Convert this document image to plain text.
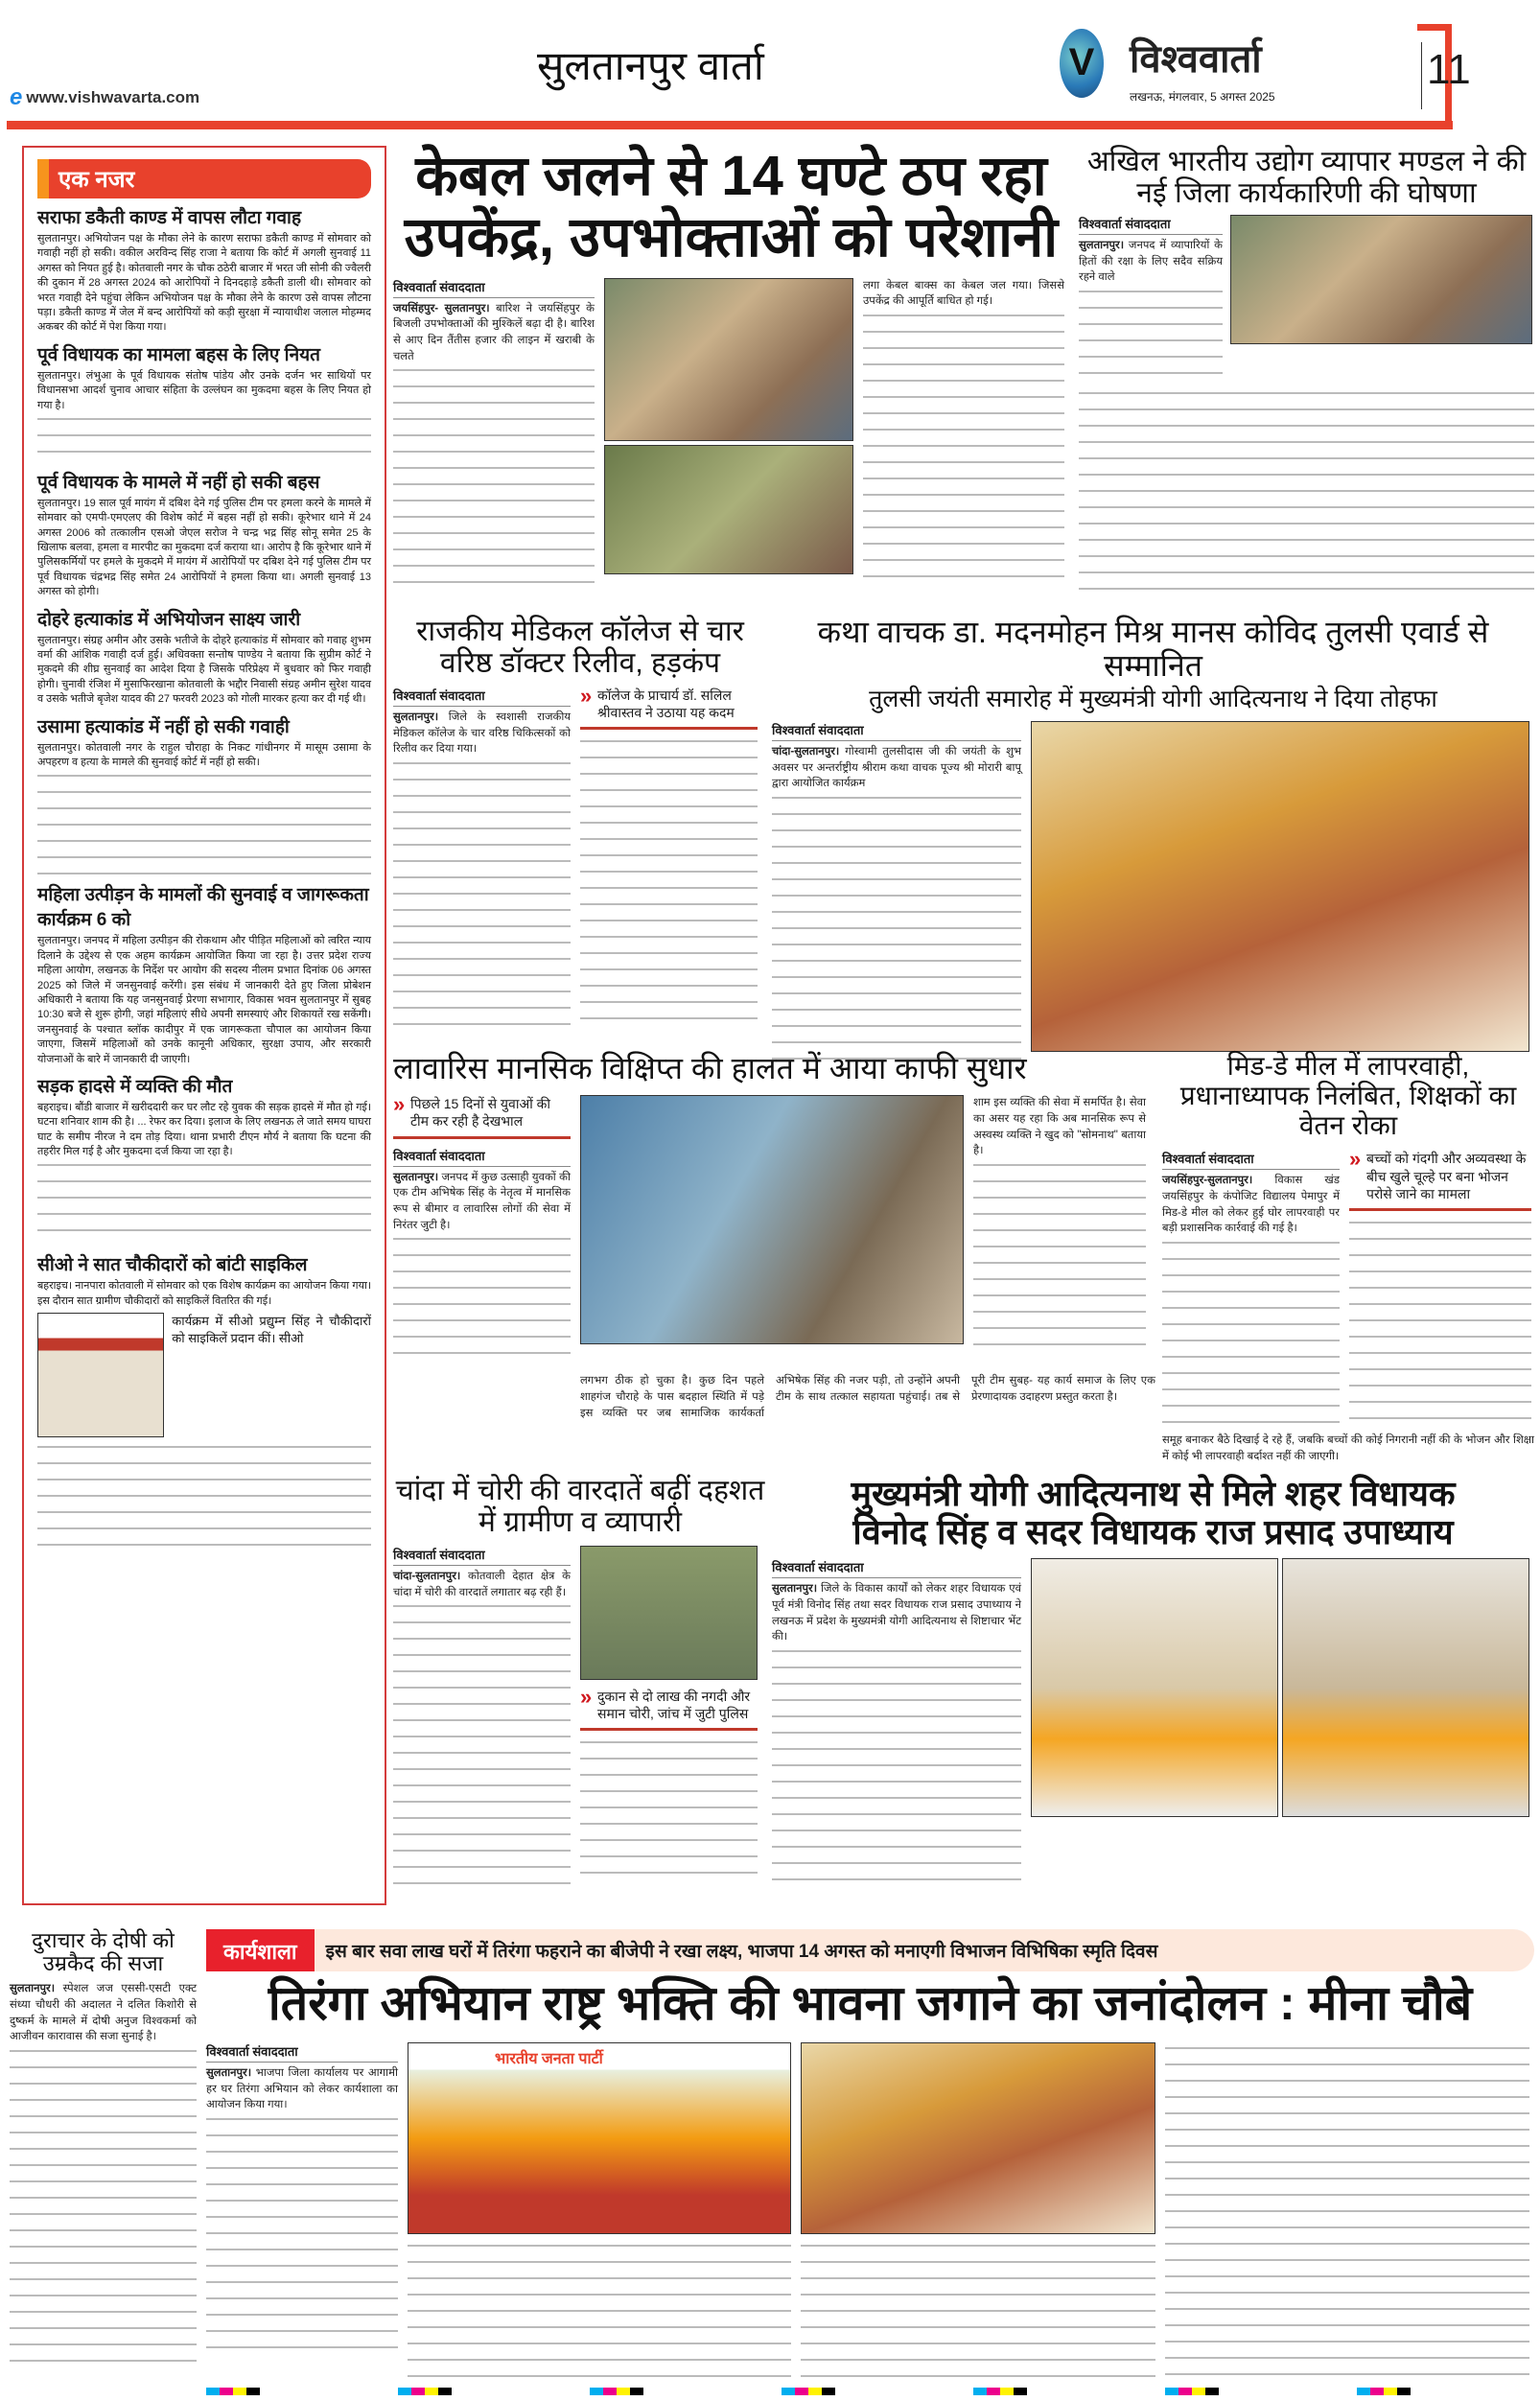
e www.vishwavarta.com
सुलतानपुर वार्ता	V विश्ववार्ता
लखनऊ, मंगलवार, 5 अगस्त 2025
11
एक नजर
सराफा डकैती काण्ड में वापस लौटा गवाह
सुलतानपुर। अभियोजन पक्ष के मौका लेने के कारण सराफा डकैती काण्ड में सोमवार को गवाही नहीं हो सकी। वकील अरविन्द सिंह राजा ने बताया कि कोर्ट में अगली सुनवाई 11 अगस्त को नियत हुई है। कोतवाली नगर के चौक ठठेरी बाजार में भरत जी सोनी की ज्वैलरी की दुकान में 28 अगस्त 2024 को आरोपियों ने दिनदहाड़े डकैती डाली थी। सोमवार को भरत गवाही देने पहुंचा लेकिन अभियोजन पक्ष के मौका लेने के कारण उसे वापस लौटना पड़ा। डकैती काण्ड में जेल में बन्द आरोपियों को कड़ी सुरक्षा में न्यायाधीश जलाल मोहम्मद अकबर की कोर्ट में पेश किया गया।
पूर्व विधायक का मामला बहस के लिए नियत
सुलतानपुर। लंभुआ के पूर्व विधायक संतोष पांडेय और उनके दर्जन भर साथियों पर विधानसभा आदर्श चुनाव आचार संहिता के उल्लंघन का मुकदमा बहस के लिए नियत हो गया है।
पूर्व विधायक के मामले में नहीं हो सकी बहस
सुलतानपुर। 19 साल पूर्व मायंग में दबिश देने गई पुलिस टीम पर हमला करने के मामले में सोमवार को एमपी-एमएलए की विशेष कोर्ट में बहस नहीं हो सकी। कूरेभार थाने में 24 अगस्त 2006 को तत्कालीन एसओ जेएल सरोज ने चन्द्र भद्र सिंह सोनू समेत 25 के खिलाफ बलवा, हमला व मारपीट का मुकदमा दर्ज कराया था। आरोप है कि कूरेभार थाने में पुलिसकर्मियों पर हमले के मुकदमे में मायंग में आरोपियों पर दबिश देने गई पुलिस टीम पर पूर्व विधायक चंद्रभद्र सिंह समेत 24 आरोपियों ने हमला किया था। अगली सुनवाई 13 अगस्त को होगी।
दोहरे हत्याकांड में अभियोजन साक्ष्य जारी
सुलतानपुर। संग्रह अमीन और उसके भतीजे के दोहरे हत्याकांड में सोमवार को गवाह शुभम वर्मा की आंशिक गवाही दर्ज हुई। अधिवक्ता सन्तोष पाण्डेय ने बताया कि सुप्रीम कोर्ट ने मुकदमे की शीघ्र सुनवाई का आदेश दिया है जिसके परिप्रेक्ष्य में बुधवार को फिर गवाही होगी। चुनावी रंजिश में मुसाफिरखाना कोतवाली के भद्दौर निवासी संग्रह अमीन सुरेश यादव व उसके भतीजे बृजेश यादव की 27 फरवरी 2023 को गोली मारकर हत्या कर दी गई थी।
उसामा हत्याकांड में नहीं हो सकी गवाही
सुलतानपुर। कोतवाली नगर के राहुल चौराहा के निकट गांधीनगर में मासूम उसामा के अपहरण व हत्या के मामले की सुनवाई कोर्ट में नहीं हो सकी।
महिला उत्पीड़न के मामलों की सुनवाई व जागरूकता कार्यक्रम 6 को
सुलतानपुर। जनपद में महिला उत्पीड़न की रोकथाम और पीड़ित महिलाओं को त्वरित न्याय दिलाने के उद्देश्य से एक अहम कार्यक्रम आयोजित किया जा रहा है। उत्तर प्रदेश राज्य महिला आयोग, लखनऊ के निर्देश पर आयोग की सदस्य नीलम प्रभात दिनांक 06 अगस्त 2025 को जिले में जनसुनवाई करेंगी। इस संबंध में जानकारी देते हुए जिला प्रोबेशन अधिकारी ने बताया कि यह जनसुनवाई प्रेरणा सभागार, विकास भवन सुलतानपुर में सुबह 10:30 बजे से शुरू होगी, जहां महिलाएं सीधे अपनी समस्याएं और शिकायतें रख सकेंगी। जनसुनवाई के पश्चात ब्लॉक कादीपुर में एक जागरूकता चौपाल का आयोजन किया जाएगा, जिसमें महिलाओं को उनके कानूनी अधिकार, सुरक्षा उपाय, और सरकारी योजनाओं के बारे में जानकारी दी जाएगी।
सड़क हादसे में व्यक्ति की मौत
बहराइच। बौंडी बाजार में खरीददारी कर घर लौट रहे युवक की सड़क हादसे में मौत हो गई। घटना शनिवार शाम की है। ... रेफर कर दिया। इलाज के लिए लखनऊ ले जाते समय घाघरा घाट के समीप नीरज ने दम तोड़ दिया। थाना प्रभारी टीएन मौर्य ने बताया कि घटना की तहरीर मिल गई है और मुकदमा दर्ज किया जा रहा है।
सीओ ने सात चौकीदारों को बांटी साइकिल
बहराइच। नानपारा कोतवाली में सोमवार को एक विशेष कार्यक्रम का आयोजन किया गया। इस दौरान सात ग्रामीण चौकीदारों को साइकिलें वितरित की गई।
कार्यक्रम में सीओ प्रद्युम्न सिंह ने चौकीदारों को साइकिलें प्रदान कीं। सीओ
केबल जलने से 14 घण्टे ठप रहा
उपकेंद्र, उपभोक्ताओं को परेशानी
विश्ववार्ता संवाददाता
जयसिंहपुर- सुलतानपुर। बारिश ने जयसिंहपुर के बिजली उपभोक्ताओं की मुश्किलें बढ़ा दी है। बारिश से आए दिन तैंतीस हजार की लाइन में खराबी के चलते
लगा केबल बाक्स का केबल जल गया। जिससे उपकेंद्र की आपूर्ति बाधित हो गई।
अखिल भारतीय उद्योग व्यापार मण्डल ने की नई जिला कार्यकारिणी की घोषणा
विश्ववार्ता संवाददाता
सुलतानपुर। जनपद में व्यापारियों के हितों की रक्षा के लिए सदैव सक्रिय रहने वाले
राजकीय मेडिकल कॉलेज से चार वरिष्ठ डॉक्टर रिलीव, हड़कंप
विश्ववार्ता संवाददाता
सुलतानपुर। जिले के स्वशासी राजकीय मेडिकल कॉलेज के चार वरिष्ठ चिकित्सकों को रिलीव कर दिया गया।
» कॉलेज के प्राचार्य डॉ. सलिल श्रीवास्तव ने उठाया यह कदम
कथा वाचक डा. मदनमोहन मिश्र मानस कोविद तुलसी एवार्ड से सम्मानित
तुलसी जयंती समारोह में मुख्यमंत्री योगी आदित्यनाथ ने दिया तोहफा
विश्ववार्ता संवाददाता
चांदा-सुलतानपुर। गोस्वामी तुलसीदास जी की जयंती के शुभ अवसर पर अन्तर्राष्ट्रीय श्रीराम कथा वाचक पूज्य श्री मोरारी बापू द्वारा आयोजित कार्यक्रम
लावारिस मानसिक विक्षिप्त की हालत में आया काफी सुधार
» पिछले 15 दिनों से युवाओं की टीम कर रही है देखभाल
विश्ववार्ता संवाददाता
सुलतानपुर। जनपद में कुछ उत्साही युवकों की एक टीम अभिषेक सिंह के नेतृत्व में मानसिक रूप से बीमार व लावारिस लोगों की सेवा में निरंतर जुटी है।
शाम इस व्यक्ति की सेवा में समर्पित है। सेवा का असर यह रहा कि अब मानसिक रूप से अस्वस्थ व्यक्ति ने खुद को "सोमनाथ" बताया है।
लगभग ठीक हो चुका है। कुछ दिन पहले शाहगंज चौराहे के पास बदहाल स्थिति में पड़े इस व्यक्ति पर जब सामाजिक कार्यकर्ता अभिषेक सिंह की नजर पड़ी, तो उन्होंने अपनी टीम के साथ तत्काल सहायता पहुंचाई। तब से पूरी टीम सुबह- यह कार्य समाज के लिए एक प्रेरणादायक उदाहरण प्रस्तुत करता है।
मिड-डे मील में लापरवाही, प्रधानाध्यापक निलंबित, शिक्षकों का वेतन रोका
विश्ववार्ता संवाददाता
जयसिंहपुर-सुलतानपुर। विकास खंड जयसिंहपुर के कंपोजिट विद्यालय पेमापुर में मिड-डे मील को लेकर हुई घोर लापरवाही पर बड़ी प्रशासनिक कार्रवाई की गई है।
» बच्चों को गंदगी और अव्यवस्था के बीच खुले चूल्हे पर बना भोजन परोसे जाने का मामला
समूह बनाकर बैठे दिखाई दे रहे हैं, जबकि बच्चों की कोई निगरानी नहीं की के भोजन और शिक्षा में कोई भी लापरवाही बर्दाश्त नहीं की जाएगी।
चांदा में चोरी की वारदातें बढ़ीं दहशत में ग्रामीण व व्यापारी
विश्ववार्ता संवाददाता
चांदा-सुलतानपुर। कोतवाली देहात क्षेत्र के चांदा में चोरी की वारदातें लगातार बढ़ रही हैं।
» दुकान से दो लाख की नगदी और समान चोरी, जांच में जुटी पुलिस
मुख्यमंत्री योगी आदित्यनाथ से मिले शहर विधायक
विनोद सिंह व सदर विधायक राज प्रसाद उपाध्याय
विश्ववार्ता संवाददाता
सुलतानपुर। जिले के विकास कार्यों को लेकर शहर विधायक एवं पूर्व मंत्री विनोद सिंह तथा सदर विधायक राज प्रसाद उपाध्याय ने लखनऊ में प्रदेश के मुख्यमंत्री योगी आदित्यनाथ से शिष्टाचार भेंट की।
दुराचार के दोषी को उम्रकैद की सजा
सुलतानपुर। स्पेशल जज एससी-एसटी एक्ट संध्या चौधरी की अदालत ने दलित किशोरी से दुष्कर्म के मामले में दोषी अनुज विश्वकर्मा को आजीवन कारावास की सजा सुनाई है।
कार्यशाला	इस बार सवा लाख घरों में तिरंगा फहराने का बीजेपी ने रखा लक्ष्य, भाजपा 14 अगस्त को मनाएगी विभाजन विभिषिका स्मृति दिवस
तिरंगा अभियान राष्ट्र भक्ति की भावना जगाने का जनांदोलन : मीना चौबे
विश्ववार्ता संवाददाता
सुलतानपुर। भाजपा जिला कार्यालय पर आगामी हर घर तिरंगा अभियान को लेकर कार्यशाला का आयोजन किया गया।
भारतीय जनता पार्टी
